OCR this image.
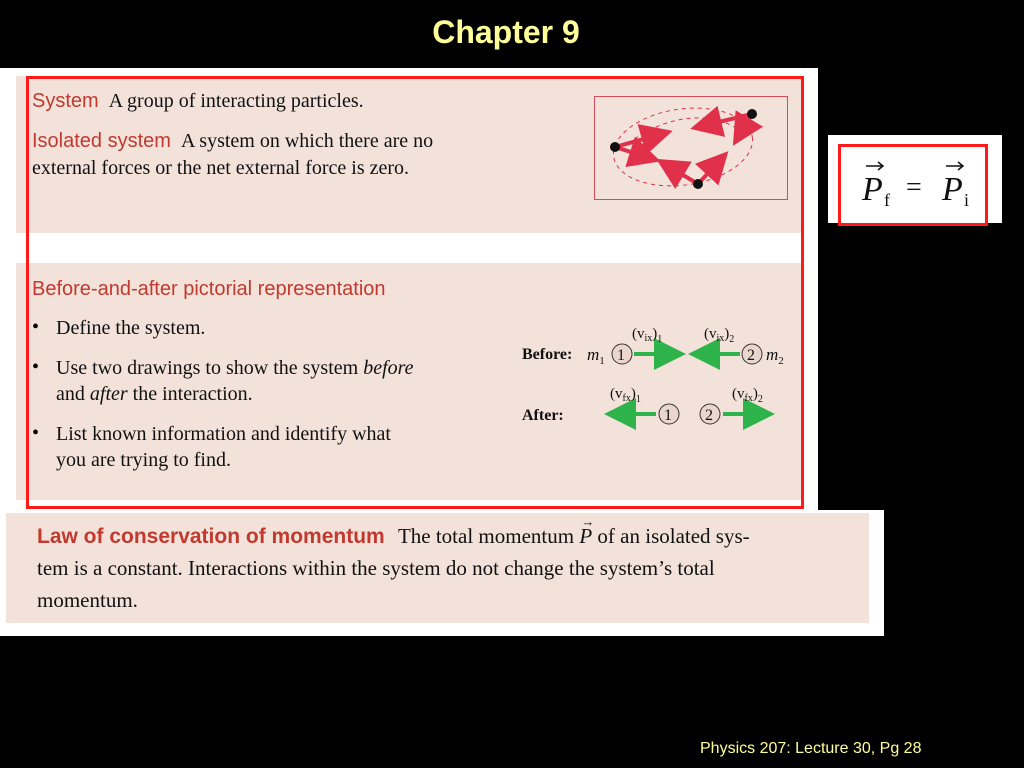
Chapter 9
System A group of interacting particles.
Isolated system A system on which there are no
external forces or the net external force is zero.
Before-and-after pictorial representation
• Define the system.
• Use two drawings to show the system before
and after the interaction.
• List known information and identify what
you are trying to find.
Before: $m_1$ 1
$(v_{ix})_1$	$(v_{ix})_2$
2 $m_2$
After:
$(v_{fx})_1$
1 2
$(v_{fx})_2$
P f = P i
Law of conservation of momentum The total momentum
→
P of an isolated sys-
tem is a constant. Interactions within the system do not change the system’s total
momentum.
Physics 207: Lecture 30, Pg 28
